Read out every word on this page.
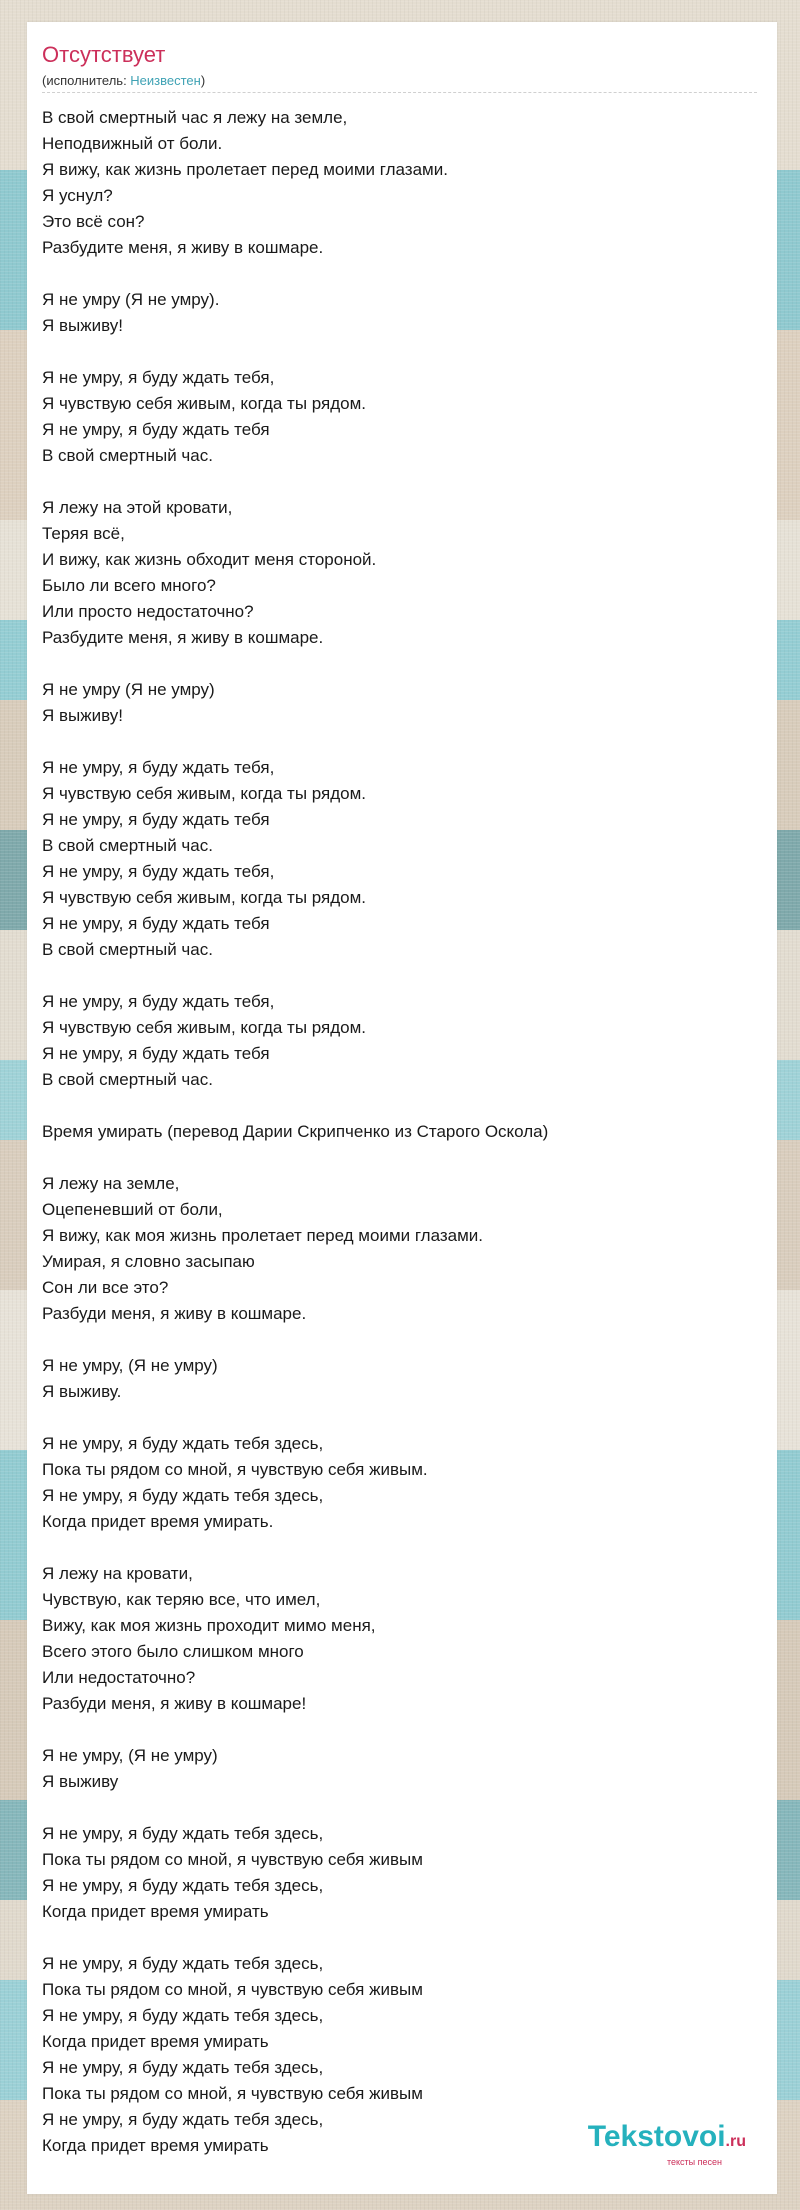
Отсутствует
(исполнитель: Неизвестен)
В свой смертный час я лежу на земле,
Неподвижный от боли.
Я вижу, как жизнь пролетает перед моими глазами.
Я уснул?
Это всё сон?
Разбудите меня, я живу в кошмаре.

Я не умру (Я не умру).
Я выживу!

Я не умру, я буду ждать тебя,
Я чувствую себя живым, когда ты рядом.
Я не умру, я буду ждать тебя
В свой смертный час.

Я лежу на этой кровати,
Теряя всё,
И вижу, как жизнь обходит меня стороной.
Было ли всего много?
Или просто недостаточно?
Разбудите меня, я живу в кошмаре.

Я не умру (Я не умру)
Я выживу!

Я не умру, я буду ждать тебя,
Я чувствую себя живым, когда ты рядом.
Я не умру, я буду ждать тебя
В свой смертный час.
Я не умру, я буду ждать тебя,
Я чувствую себя живым, когда ты рядом.
Я не умру, я буду ждать тебя
В свой смертный час.

Я не умру, я буду ждать тебя,
Я чувствую себя живым, когда ты рядом.
Я не умру, я буду ждать тебя
В свой смертный час.

Время умирать (перевод Дарии Скрипченко из Старого Оскола)

Я лежу на земле,
Оцепеневший от боли,
Я вижу, как моя жизнь пролетает перед моими глазами.
Умирая, я словно засыпаю
Сон ли все это?
Разбуди меня, я живу в кошмаре.

Я не умру, (Я не умру)
Я выживу.

Я не умру, я буду ждать тебя здесь,
Пока ты рядом со мной, я чувствую себя живым.
Я не умру, я буду ждать тебя здесь,
Когда придет время умирать.

Я лежу на кровати,
Чувствую, как теряю все, что имел,
Вижу, как моя жизнь проходит мимо меня,
Всего этого было слишком много
Или недостаточно?
Разбуди меня, я живу в кошмаре!

Я не умру, (Я не умру)
Я выживу

Я не умру, я буду ждать тебя здесь,
Пока ты рядом со мной, я чувствую себя живым
Я не умру, я буду ждать тебя здесь,
Когда придет время умирать

Я не умру, я буду ждать тебя здесь,
Пока ты рядом со мной, я чувствую себя живым
Я не умру, я буду ждать тебя здесь,
Когда придет время умирать
Я не умру, я буду ждать тебя здесь,
Пока ты рядом со мной, я чувствую себя живым
Я не умру, я буду ждать тебя здесь,
Когда придет время умирать	Tekstovoi.ru
тексты песен
